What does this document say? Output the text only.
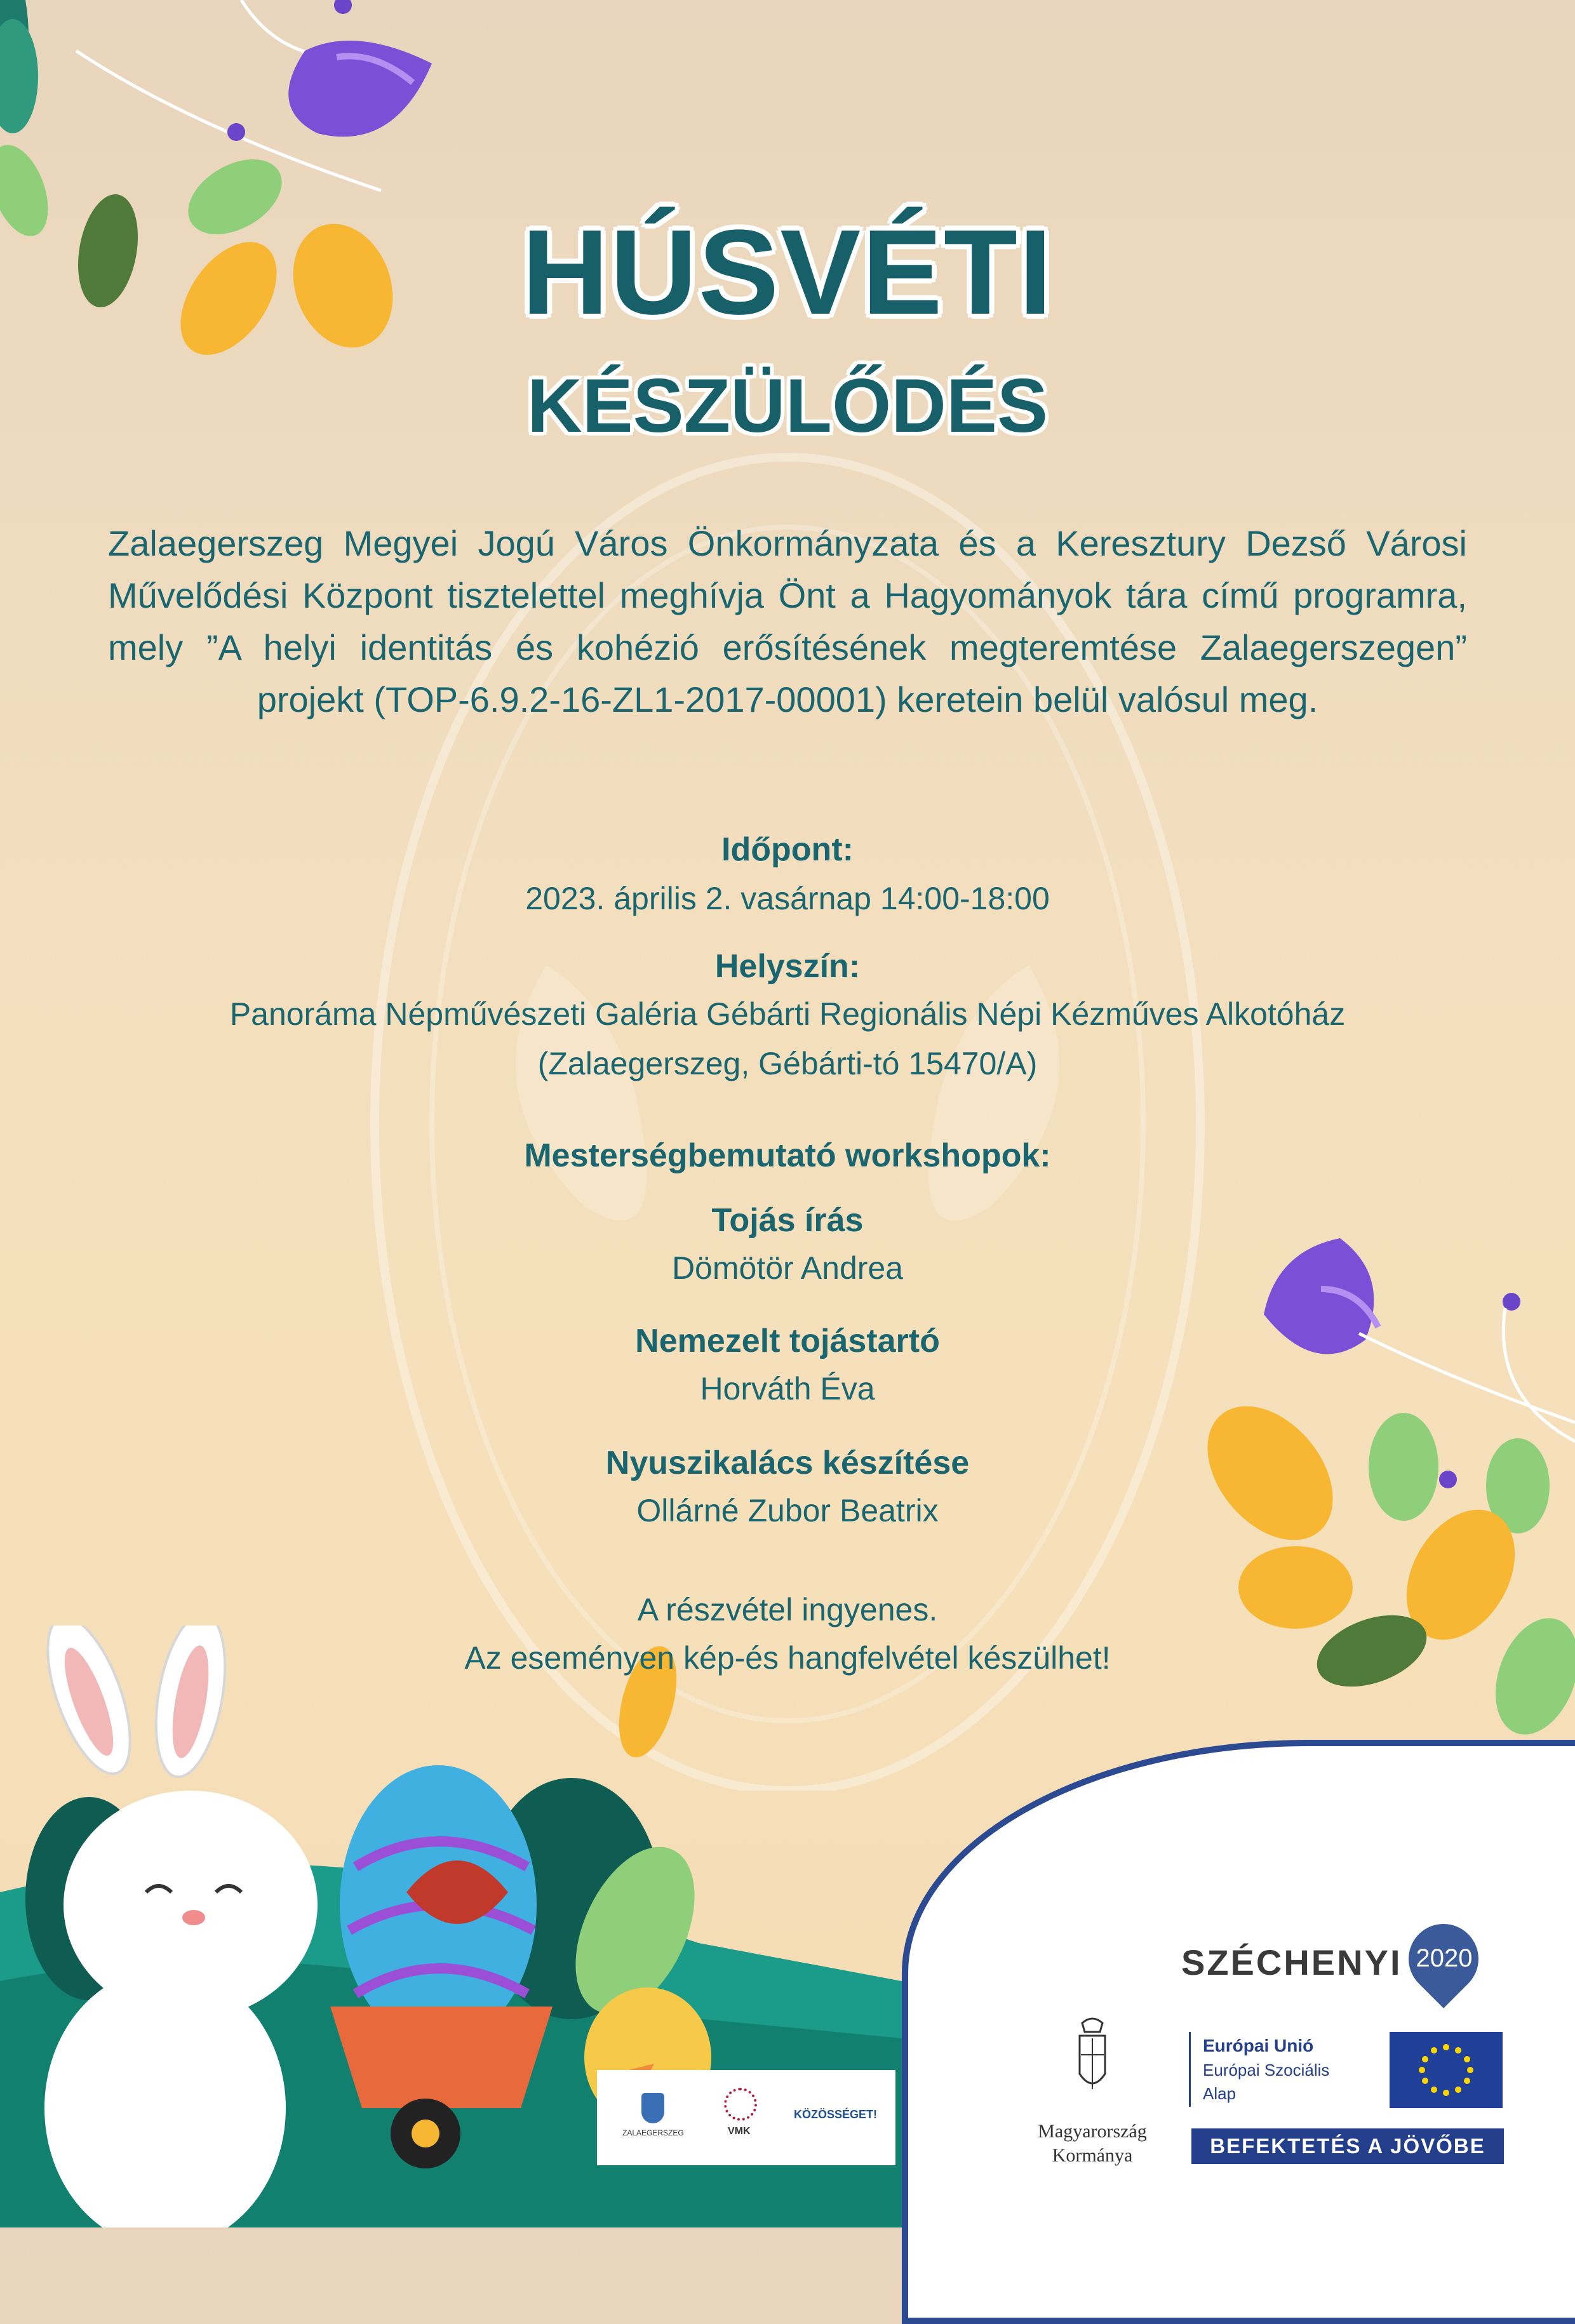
HÚSVÉTI
KÉSZÜLŐDÉS
Zalaegerszeg Megyei Jogú Város Önkormányzata és a Keresztury Dezső Városi Művelődési Központ tisztelettel meghívja Önt a Hagyományok tára című programra, mely ”A helyi identitás és kohézió erősítésének megteremtése Zalaegerszegen” projekt (TOP-6.9.2-16-ZL1-2017-00001) keretein belül valósul meg.
Időpont:
2023. április 2. vasárnap 14:00-18:00
Helyszín:
Panoráma Népművészeti Galéria Gébárti Regionális Népi Kézműves Alkotóház
(Zalaegerszeg, Gébárti-tó 15470/A)
Mesterségbemutató workshopok:
Tojás írás
Dömötör Andrea
Nemezelt tojástartó
Horváth Éva
Nyuszikalács készítése
Ollárné Zubor Beatrix
A részvétel ingyenes.
Az eseményen kép-és hangfelvétel készülhet!
ZALAEGERSZEG	VMK
KÖZÖSSÉGET!
SZÉCHENYI 2020
Magyarország
Kormánya
Európai Unió
Európai Szociális
Alap
BEFEKTETÉS A JÖVŐBE
